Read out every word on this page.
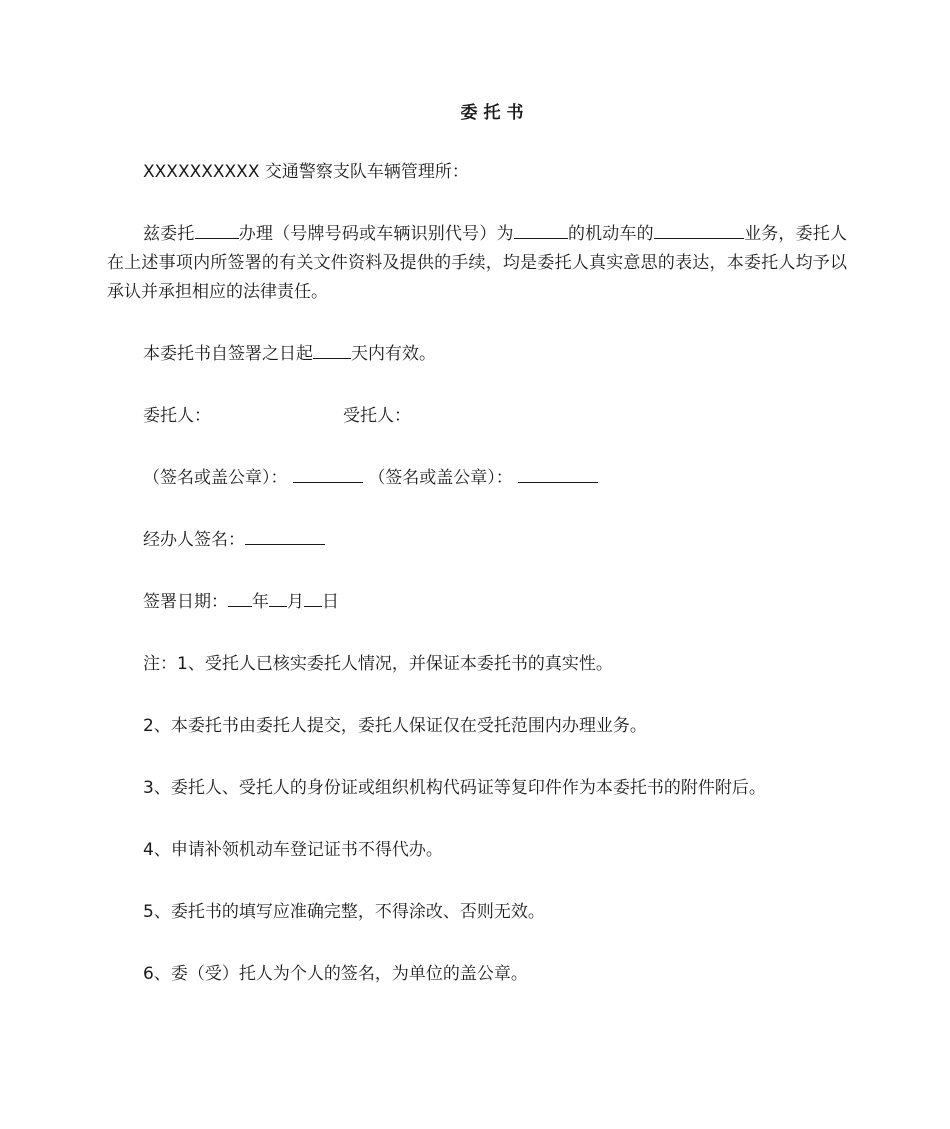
委托书
XXXXXXXXXX 交通警察支队车辆管理所：
兹委托	办理（号牌号码或车辆识别代号）为	的机动车的	业务，委托人在上述事项内所签署的有关文件资料及提供的手续，均是委托人真实意思的表达，本委托人均予以承认并承担相应的法律责任。
本委托书自签署之日起 天内有效。
委托人：	受托人：
（签名或盖公章）：	（签名或盖公章）：
经办人签名：
签署日期： 年 月 日
注：1、受托人已核实委托人情况，并保证本委托书的真实性。
2、本委托书由委托人提交，委托人保证仅在受托范围内办理业务。
3、委托人、受托人的身份证或组织机构代码证等复印件作为本委托书的附件附后。
4、申请补领机动车登记证书不得代办。
5、委托书的填写应准确完整，不得涂改、否则无效。
6、委（受）托人为个人的签名，为单位的盖公章。
